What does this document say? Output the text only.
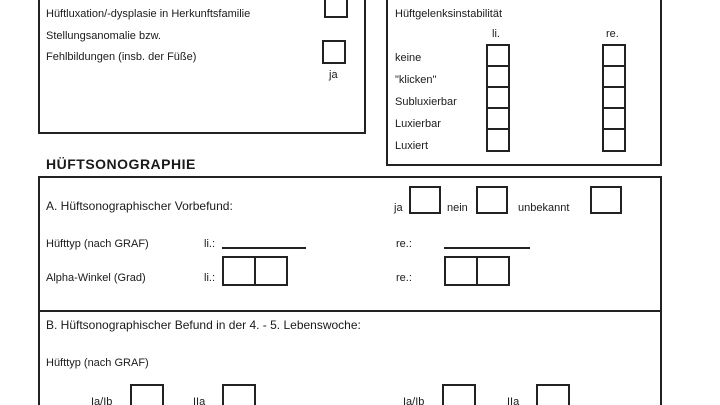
Hüftluxation/-dysplasie in Herkunftsfamilie
Stellungsanomalie bzw.
Fehlbildungen (insb. der Füße)
ja
Hüftgelenksinstabilität
li.	re.
keine
"klicken"
Subluxierbar
Luxierbar
Luxiert
HÜFTSONOGRAPHIE
A. Hüftsonographischer Vorbefund:	ja	nein	unbekannt
Hüfttyp (nach GRAF)	li.:	re.:
Alpha-Winkel (Grad)	li.:	re.:
B. Hüftsonographischer Befund in der 4. - 5. Lebenswoche:
Hüfttyp (nach GRAF)
Ia/Ib	IIa	Ia/Ib	IIa
